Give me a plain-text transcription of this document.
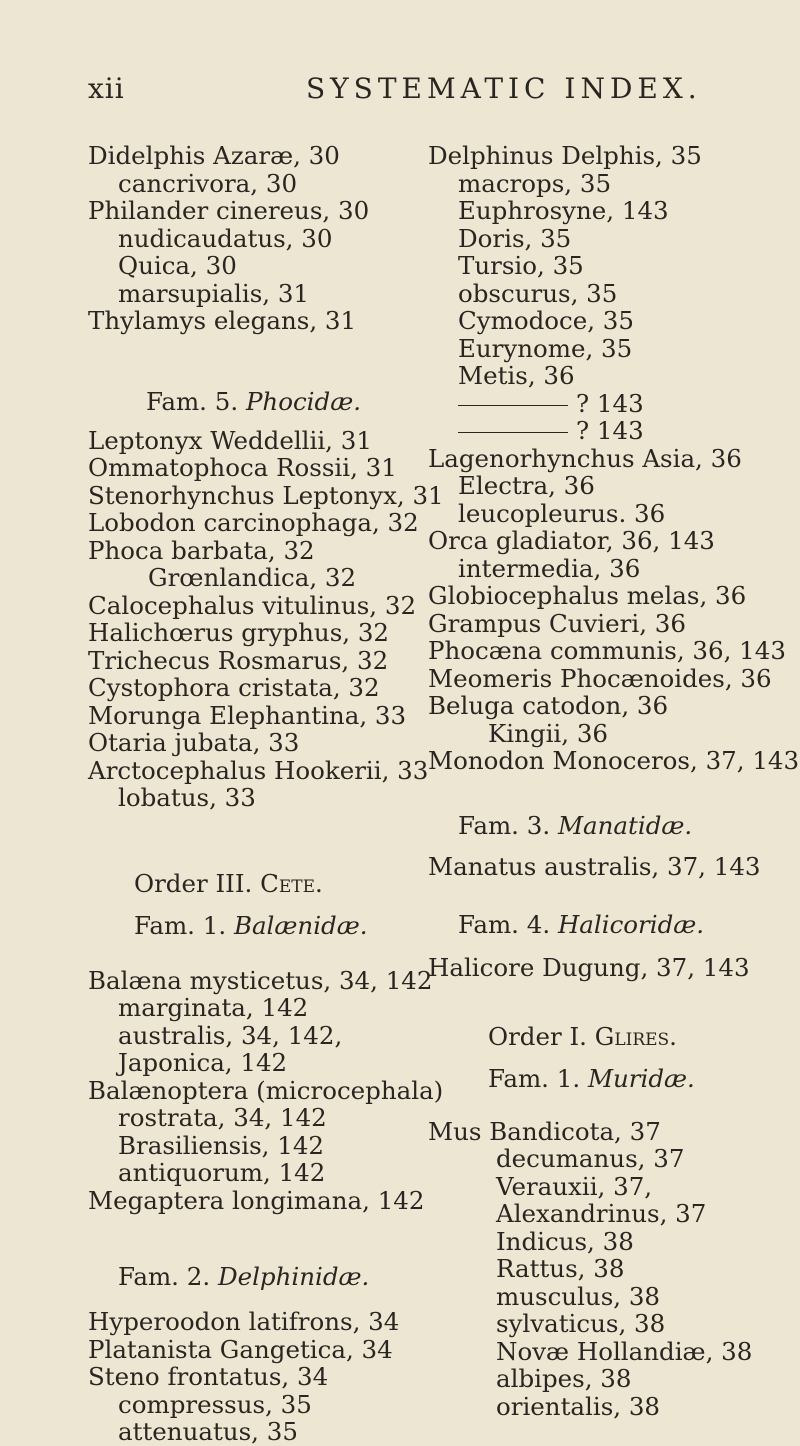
xii	SYSTEMATIC INDEX.
Didelphis Azaræ, 30
cancrivora, 30
Philander cinereus, 30
nudicaudatus, 30
Quica, 30
marsupialis, 31
Thylamys elegans, 31
Fam. 5. Phocidæ.
Leptonyx Weddellii, 31
Ommatophoca Rossii, 31
Stenorhynchus Leptonyx, 31
Lobodon carcinophaga, 32
Phoca barbata, 32
Grœnlandica, 32
Calocephalus vitulinus, 32
Halichœrus gryphus, 32
Trichecus Rosmarus, 32
Cystophora cristata, 32
Morunga Elephantina, 33
Otaria jubata, 33
Arctocephalus Hookerii, 33
lobatus, 33
Order III. Cete.
Fam. 1. Balænidæ.
Balæna mysticetus, 34, 142
marginata, 142
australis, 34, 142,
Japonica, 142
Balænoptera (microcephala)
rostrata, 34, 142
Brasiliensis, 142
antiquorum, 142
Megaptera longimana, 142
Fam. 2. Delphinidæ.
Hyperoodon latifrons, 34
Platanista Gangetica, 34
Steno frontatus, 34
compressus, 35
attenuatus, 35
Delphinus Delphis, 35
macrops, 35
Euphrosyne, 143
Doris, 35
Tursio, 35
obscurus, 35
Cymodoce, 35
Eurynome, 35
Metis, 36
? 143
? 143
Lagenorhynchus Asia, 36
Electra, 36
leucopleurus. 36
Orca gladiator, 36, 143
intermedia, 36
Globiocephalus melas, 36
Grampus Cuvieri, 36
Phocæna communis, 36, 143
Meomeris Phocænoides, 36
Beluga catodon, 36
Kingii, 36
Monodon Monoceros, 37, 143
Fam. 3. Manatidæ.
Manatus australis, 37, 143
Fam. 4. Halicoridæ.
Halicore Dugung, 37, 143
Order I. Glires.
Fam. 1. Muridæ.
Mus Bandicota, 37
decumanus, 37
Verauxii, 37,
Alexandrinus, 37
Indicus, 38
Rattus, 38
musculus, 38
sylvaticus, 38
Novæ Hollandiæ, 38
albipes, 38
orientalis, 38
